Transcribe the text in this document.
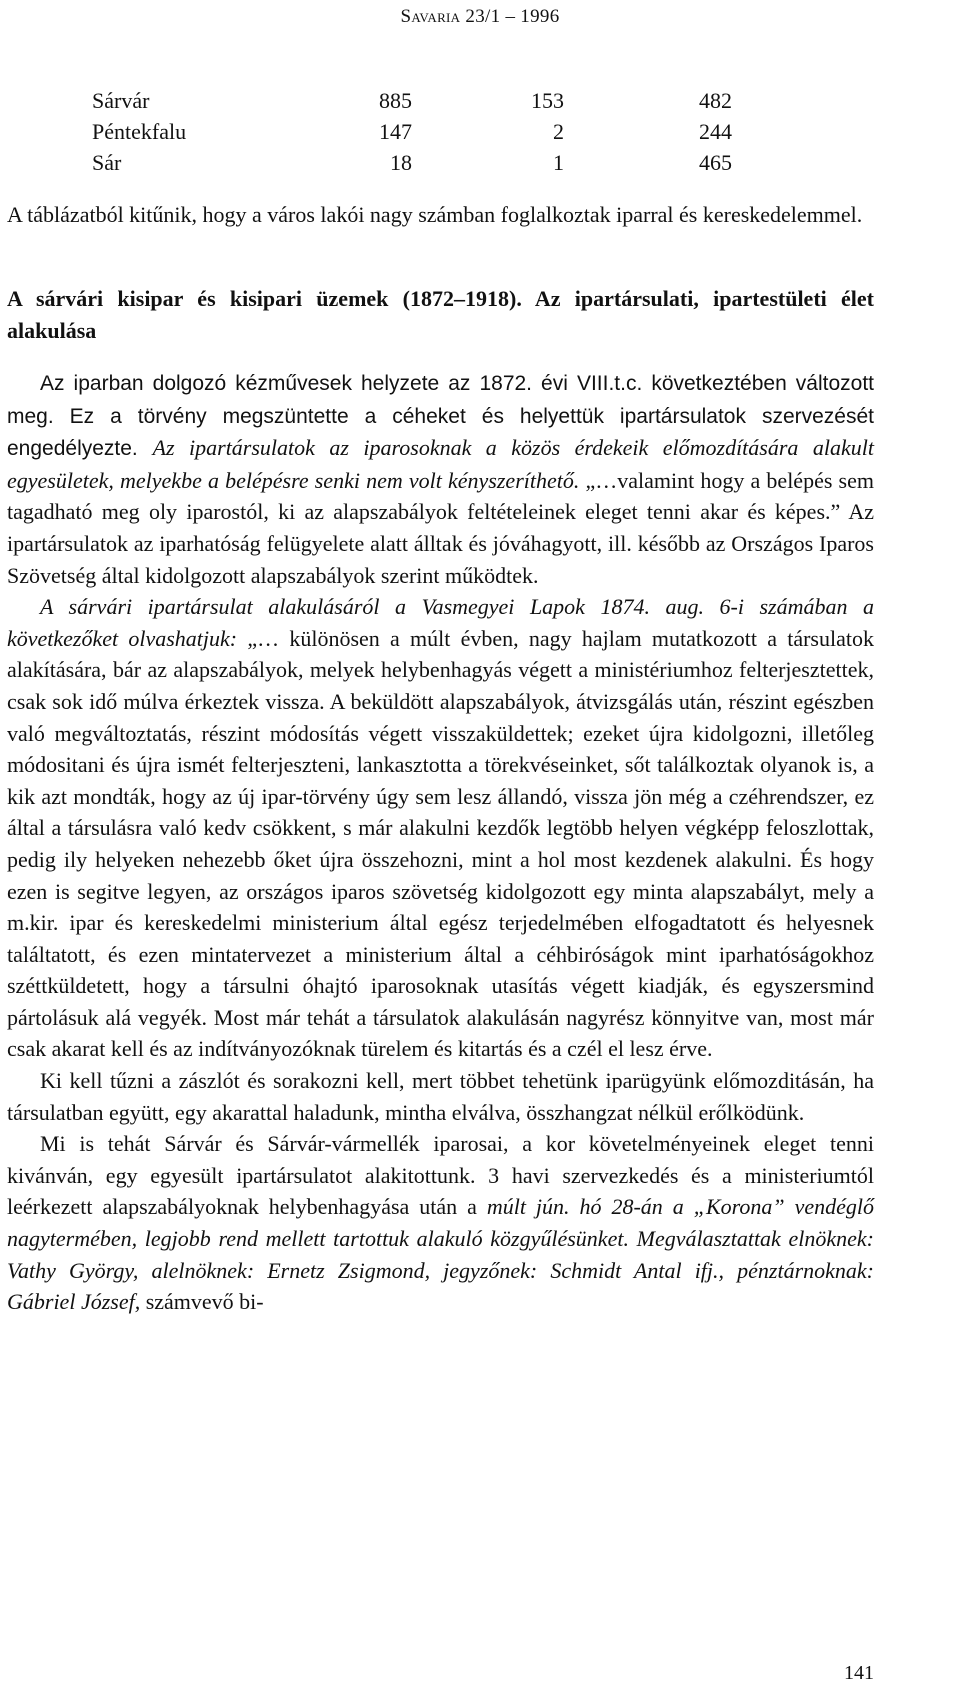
Savaria 23/1 – 1996
Sárvár	885	153	482
Péntekfalu	147	2	244
Sár	18	1	465

A táblázatból kitűnik, hogy a város lakói nagy számban foglalkoztak iparral és kereskedelemmel.

A sárvári kisipar és kisipari üzemek (1872–1918). Az ipartársulati, ipartestületi élet alakulása

Az iparban dolgozó kézművesek helyzete az 1872. évi VIII.t.c. következtében változott meg. Ez a törvény megszüntette a céheket és helyettük ipartársulatok szervezését engedélyezte. Az ipartársulatok az iparosoknak a közös érdekeik előmozdítására alakult egyesületek, melyekbe a belépésre senki nem volt kényszeríthető. „…valamint hogy a belépés sem tagadható meg oly iparostól, ki az alapszabályok feltételeinek eleget tenni akar és képes.” Az ipartársulatok az iparhatóság felügyelete alatt álltak és jóváhagyott, ill. később az Országos Iparos Szövetség által kidolgozott alapszabályok szerint működtek.

A sárvári ipartársulat alakulásáról a Vasmegyei Lapok 1874. aug. 6-i számában a következőket olvashatjuk: „… különösen a múlt évben, nagy hajlam mutatkozott a társulatok alakítására, bár az alapszabályok, melyek helybenhagyás végett a ministériumhoz felterjesztettek, csak sok idő múlva érkeztek vissza. A beküldött alapszabályok, átvizsgálás után, részint egészben való megváltoztatás, részint módosítás végett visszaküldettek; ezeket újra kidolgozni, illetőleg módositani és újra ismét felterjeszteni, lankasztotta a törekvéseinket, sőt találkoztak olyanok is, a kik azt mondták, hogy az új ipar-törvény úgy sem lesz állandó, vissza jön még a czéhrendszer, ez által a társulásra való kedv csökkent, s már alakulni kezdők legtöbb helyen végképp feloszlottak, pedig ily helyeken nehezebb őket újra összehozni, mint a hol most kezdenek alakulni. És hogy ezen is segitve legyen, az országos iparos szövetség kidolgozott egy minta alapszabályt, mely a m.kir. ipar és kereskedelmi ministerium által egész terjedelmében elfogadtatott és helyesnek találtatott, és ezen mintatervezet a ministerium által a céhbiróságok mint iparhatóságokhoz széttküldetett, hogy a társulni óhajtó iparosoknak utasítás végett kiadják, és egyszersmind pártolásuk alá vegyék. Most már tehát a társulatok alakulásán nagyrész könnyitve van, most már csak akarat kell és az indítványozóknak türelem és kitartás és a czél el lesz érve.

Ki kell tűzni a zászlót és sorakozni kell, mert többet tehetünk iparügyünk előmozditásán, ha társulatban együtt, egy akarattal haladunk, mintha elválva, összhangzat nélkül erőlködünk.

Mi is tehát Sárvár és Sárvár-vármellék iparosai, a kor követelményeinek eleget tenni kivánván, egy egyesült ipartársulatot alakitottunk. 3 havi szervezkedés és a ministeriumtól leérkezett alapszabályoknak helybenhagyása után a múlt jún. hó 28-án a „Korona” vendéglő nagytermében, legjobb rend mellett tartottuk alakuló közgyűlésünket. Megválasztattak elnöknek: Vathy György, alelnöknek: Ernetz Zsigmond, jegyzőnek: Schmidt Antal ifj., pénztárnoknak: Gábriel József, számvevő bi-

141
